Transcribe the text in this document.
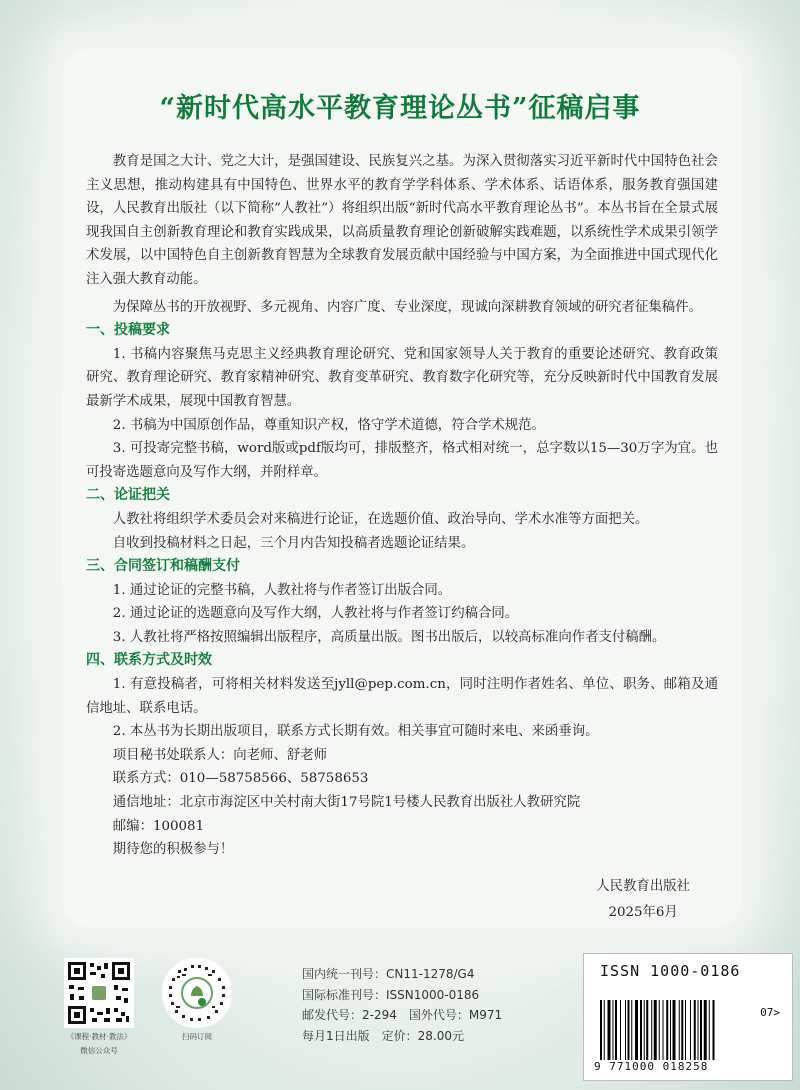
“新时代高水平教育理论丛书”征稿启事

教育是国之大计、党之大计，是强国建设、民族复兴之基。为深入贯彻落实习近平新时代中国特色社会主义思想，推动构建具有中国特色、世界水平的教育学学科体系、学术体系、话语体系，服务教育强国建设，人民教育出版社（以下简称“人教社”）将组织出版“新时代高水平教育理论丛书”。本丛书旨在全景式展现我国自主创新教育理论和教育实践成果，以高质量教育理论创新破解实践难题，以系统性学术成果引领学术发展，以中国特色自主创新教育智慧为全球教育发展贡献中国经验与中国方案，为全面推进中国式现代化注入强大教育动能。

为保障丛书的开放视野、多元视角、内容广度、专业深度，现诚向深耕教育领域的研究者征集稿件。

一、投稿要求

1. 书稿内容聚焦马克思主义经典教育理论研究、党和国家领导人关于教育的重要论述研究、教育政策研究、教育理论研究、教育家精神研究、教育变革研究、教育数字化研究等，充分反映新时代中国教育发展最新学术成果，展现中国教育智慧。

2. 书稿为中国原创作品，尊重知识产权，恪守学术道德，符合学术规范。

3. 可投寄完整书稿，word版或pdf版均可，排版整齐，格式相对统一，总字数以15—30万字为宜。也可投寄选题意向及写作大纲，并附样章。

二、论证把关

人教社将组织学术委员会对来稿进行论证，在选题价值、政治导向、学术水准等方面把关。

自收到投稿材料之日起，三个月内告知投稿者选题论证结果。

三、合同签订和稿酬支付

1. 通过论证的完整书稿，人教社将与作者签订出版合同。

2. 通过论证的选题意向及写作大纲，人教社将与作者签订约稿合同。

3. 人教社将严格按照编辑出版程序，高质量出版。图书出版后，以较高标准向作者支付稿酬。

四、联系方式及时效

1. 有意投稿者，可将相关材料发送至jyll@pep.com.cn，同时注明作者姓名、单位、职务、邮箱及通信地址、联系电话。

2. 本丛书为长期出版项目，联系方式长期有效。相关事宜可随时来电、来函垂询。

项目秘书处联系人：向老师、舒老师

联系方式：010—58758566、58758653

通信地址：北京市海淀区中关村南大街17号院1号楼人民教育出版社人教研究院

邮编：100081

期待您的积极参与！

人民教育出版社
2025年6月
《课程·教材·教法》
微信公众号
扫码订阅
国内统一刊号：CN11-1278/G4
国际标准刊号：ISSN1000-0186
邮发代号：2-294　国外代号：M971
每月1日出版　定价：28.00元
ISSN 1000-0186
07>
9 771000 018258
